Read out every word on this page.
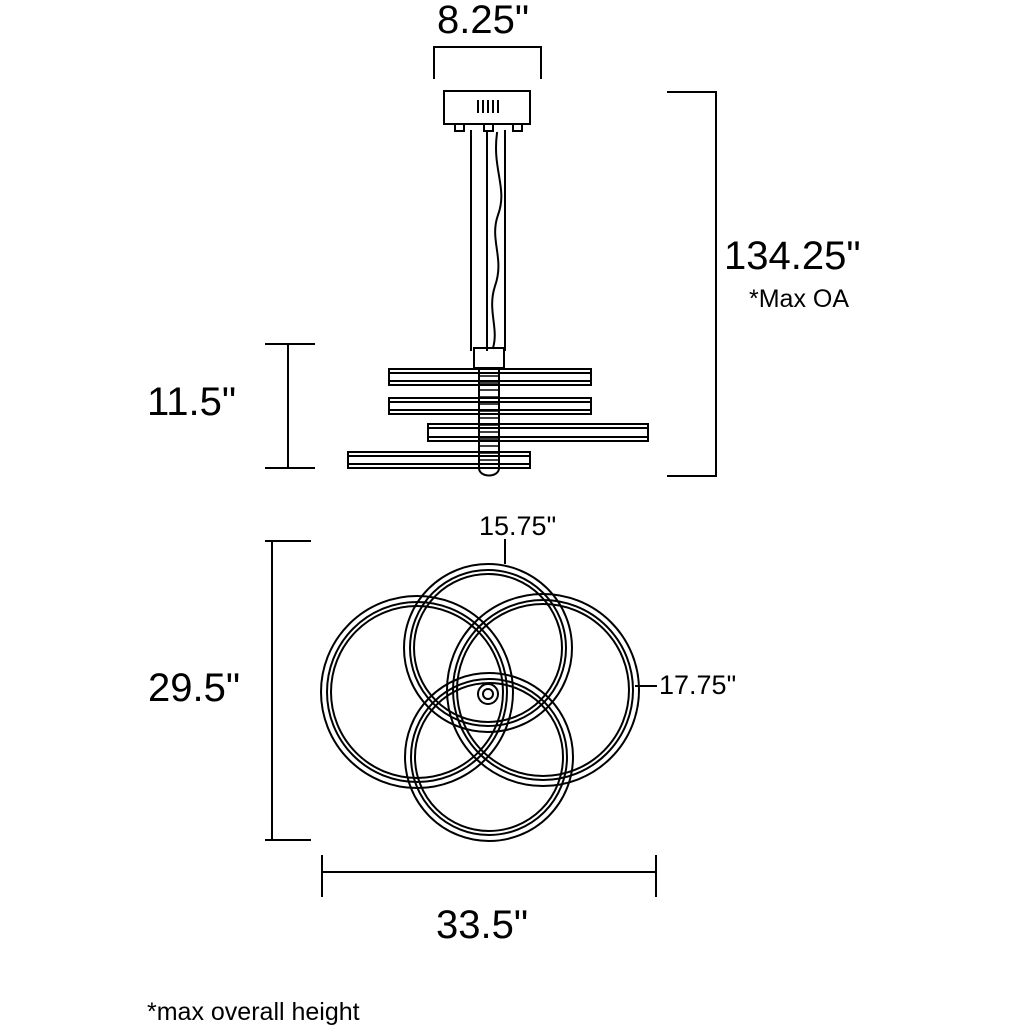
8.25"
134.25"
*Max OA
11.5"
15.75"
29.5"	17.75"
33.5"
*max overall height
